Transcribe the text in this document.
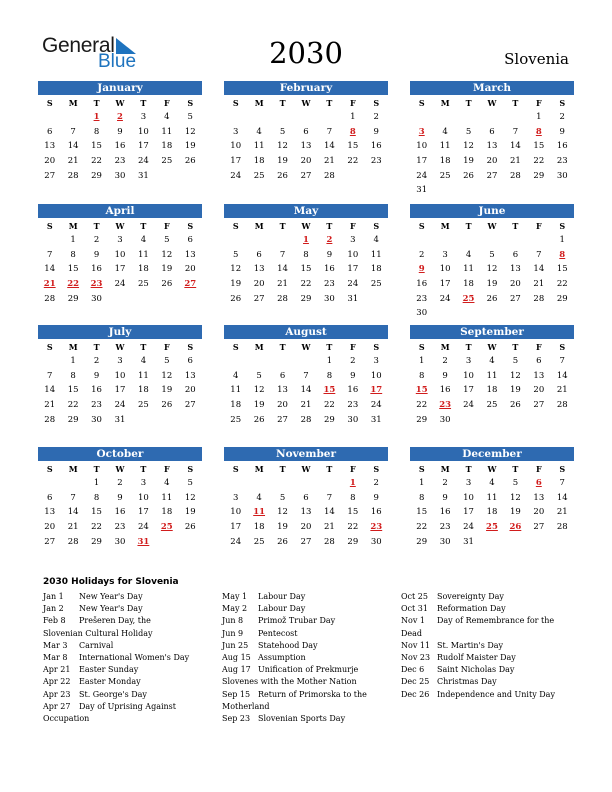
General
Blue	2030	Slovenia
January
S	M	T	W	T	F	S
		1	2	3	4	5
6	7	8	9	10	11	12
13	14	15	16	17	18	19
20	21	22	23	24	25	26
27	28	29	30	31		
February
S	M	T	W	T	F	S
					1	2
3	4	5	6	7	8	9
10	11	12	13	14	15	16
17	18	19	20	21	22	23
24	25	26	27	28		
March
S	M	T	W	T	F	S
					1	2
3	4	5	6	7	8	9
10	11	12	13	14	15	16
17	18	19	20	21	22	23
24	25	26	27	28	29	30
31						
April
S	M	T	W	T	F	S
	1	2	3	4	5	6
7	8	9	10	11	12	13
14	15	16	17	18	19	20
21	22	23	24	25	26	27
28	29	30				
May
S	M	T	W	T	F	S
			1	2	3	4
5	6	7	8	9	10	11
12	13	14	15	16	17	18
19	20	21	22	23	24	25
26	27	28	29	30	31	
June
S	M	T	W	T	F	S
						1
2	3	4	5	6	7	8
9	10	11	12	13	14	15
16	17	18	19	20	21	22
23	24	25	26	27	28	29
30						
July
S	M	T	W	T	F	S
	1	2	3	4	5	6
7	8	9	10	11	12	13
14	15	16	17	18	19	20
21	22	23	24	25	26	27
28	29	30	31			
August
S	M	T	W	T	F	S
				1	2	3
4	5	6	7	8	9	10
11	12	13	14	15	16	17
18	19	20	21	22	23	24
25	26	27	28	29	30	31
September
S	M	T	W	T	F	S
1	2	3	4	5	6	7
8	9	10	11	12	13	14
15	16	17	18	19	20	21
22	23	24	25	26	27	28
29	30					
October
S	M	T	W	T	F	S
		1	2	3	4	5
6	7	8	9	10	11	12
13	14	15	16	17	18	19
20	21	22	23	24	25	26
27	28	29	30	31		
November
S	M	T	W	T	F	S
					1	2
3	4	5	6	7	8	9
10	11	12	13	14	15	16
17	18	19	20	21	22	23
24	25	26	27	28	29	30
December
S	M	T	W	T	F	S
1	2	3	4	5	6	7
8	9	10	11	12	13	14
15	16	17	18	19	20	21
22	23	24	25	26	27	28
29	30	31				
2030 Holidays for Slovenia
Jan 1 New Year's Day
Jan 2 New Year's Day
Feb 8 Prešeren Day, the Slovenian Cultural Holiday
Mar 3 Carnival
Mar 8 International Women's Day
Apr 21 Easter Sunday
Apr 22 Easter Monday
Apr 23 St. George's Day
Apr 27 Day of Uprising Against Occupation
May 1 Labour Day
May 2 Labour Day
Jun 8 Primož Trubar Day
Jun 9 Pentecost
Jun 25 Statehood Day
Aug 15 Assumption
Aug 17 Unification of Prekmurje Slovenes with the Mother Nation
Sep 15 Return of Primorska to the Motherland
Sep 23 Slovenian Sports Day
Oct 25 Sovereignty Day
Oct 31 Reformation Day
Nov 1 Day of Remembrance for the Dead
Nov 11 St. Martin's Day
Nov 23 Rudolf Maister Day
Dec 6 Saint Nicholas Day
Dec 25 Christmas Day
Dec 26 Independence and Unity Day
